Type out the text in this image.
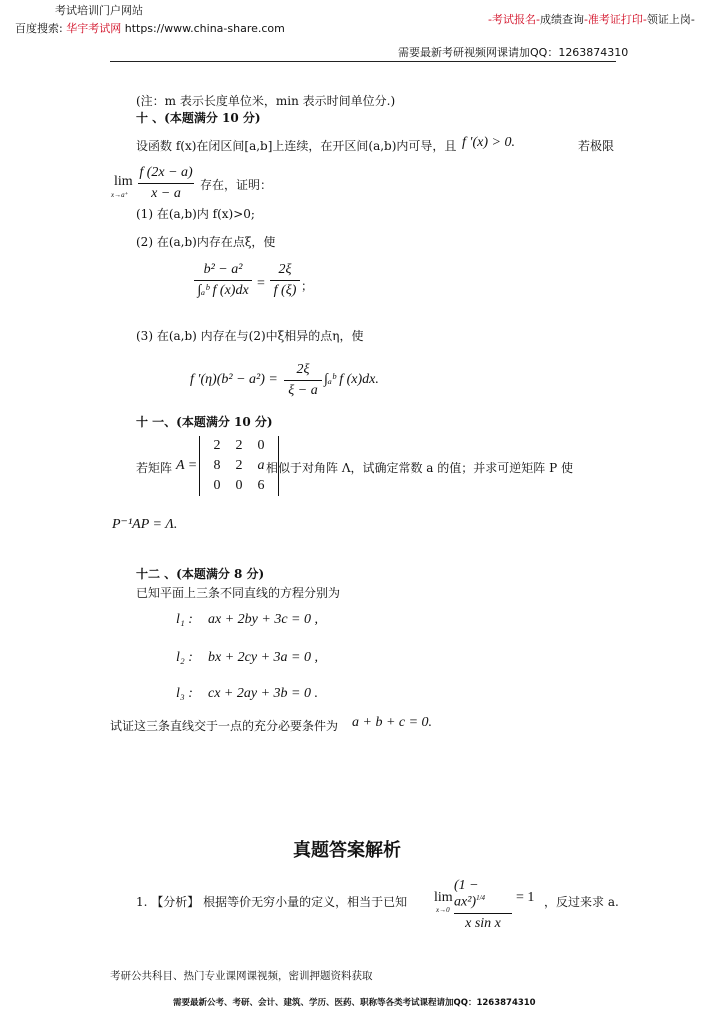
考试培训门户网站
百度搜索: 华宇考试网 https://www.china-share.com
-考试报名-成绩查询-准考证打印-领证上岗-
需要最新考研视频网课请加QQ：1263874310
(注：m 表示长度单位米，min 表示时间单位分.)
十 、(本题满分 10 分)
设函数 f(x)在闭区间[a,b]上连续，在开区间(a,b)内可导，且 f ′(x) > 0.	若极限
lim
x→a⁺
f (2x − a)
x − a
存在，证明：
(1) 在(a,b)内 f(x)>0;
(2) 在(a,b)内存在点ξ，使
b² − a²
∫ₐᵇ f (x)dx =
2ξ
f (ξ) ；
(3) 在(a,b) 内存在与(2)中ξ相异的点η，使
f ′(η)(b² − a²) =
2ξ
ξ − a
∫ₐᵇ f (x)dx.
十 一、(本题满分 10 分)
若矩阵 A =
2	2	0
8	2	a
0	0	6
相似于对角阵 Λ，试确定常数 a 的值；并求可逆矩阵 P 使
P⁻¹AP = Λ.
十二 、(本题满分 8 分)
已知平面上三条不同直线的方程分别为
l₁ : ax + 2by + 3c = 0 ,
l₂ : bx + 2cy + 3a = 0 ,
l₃ : cx + 2ay + 3b = 0 .
试证这三条直线交于一点的充分必要条件为 a + b + c = 0.
真题答案解析
1. 【分析】 根据等价无穷小量的定义，相当于已知 lim
x→0
$(1 - ax^2)^{1/4}$
x sin x
= 1 ，反过来求 a.
考研公共科目、热门专业课网课视频，密训押题资料获取
需要最新公考、考研、会计、建筑、学历、医药、职称等各类考试课程请加QQ：1263874310
